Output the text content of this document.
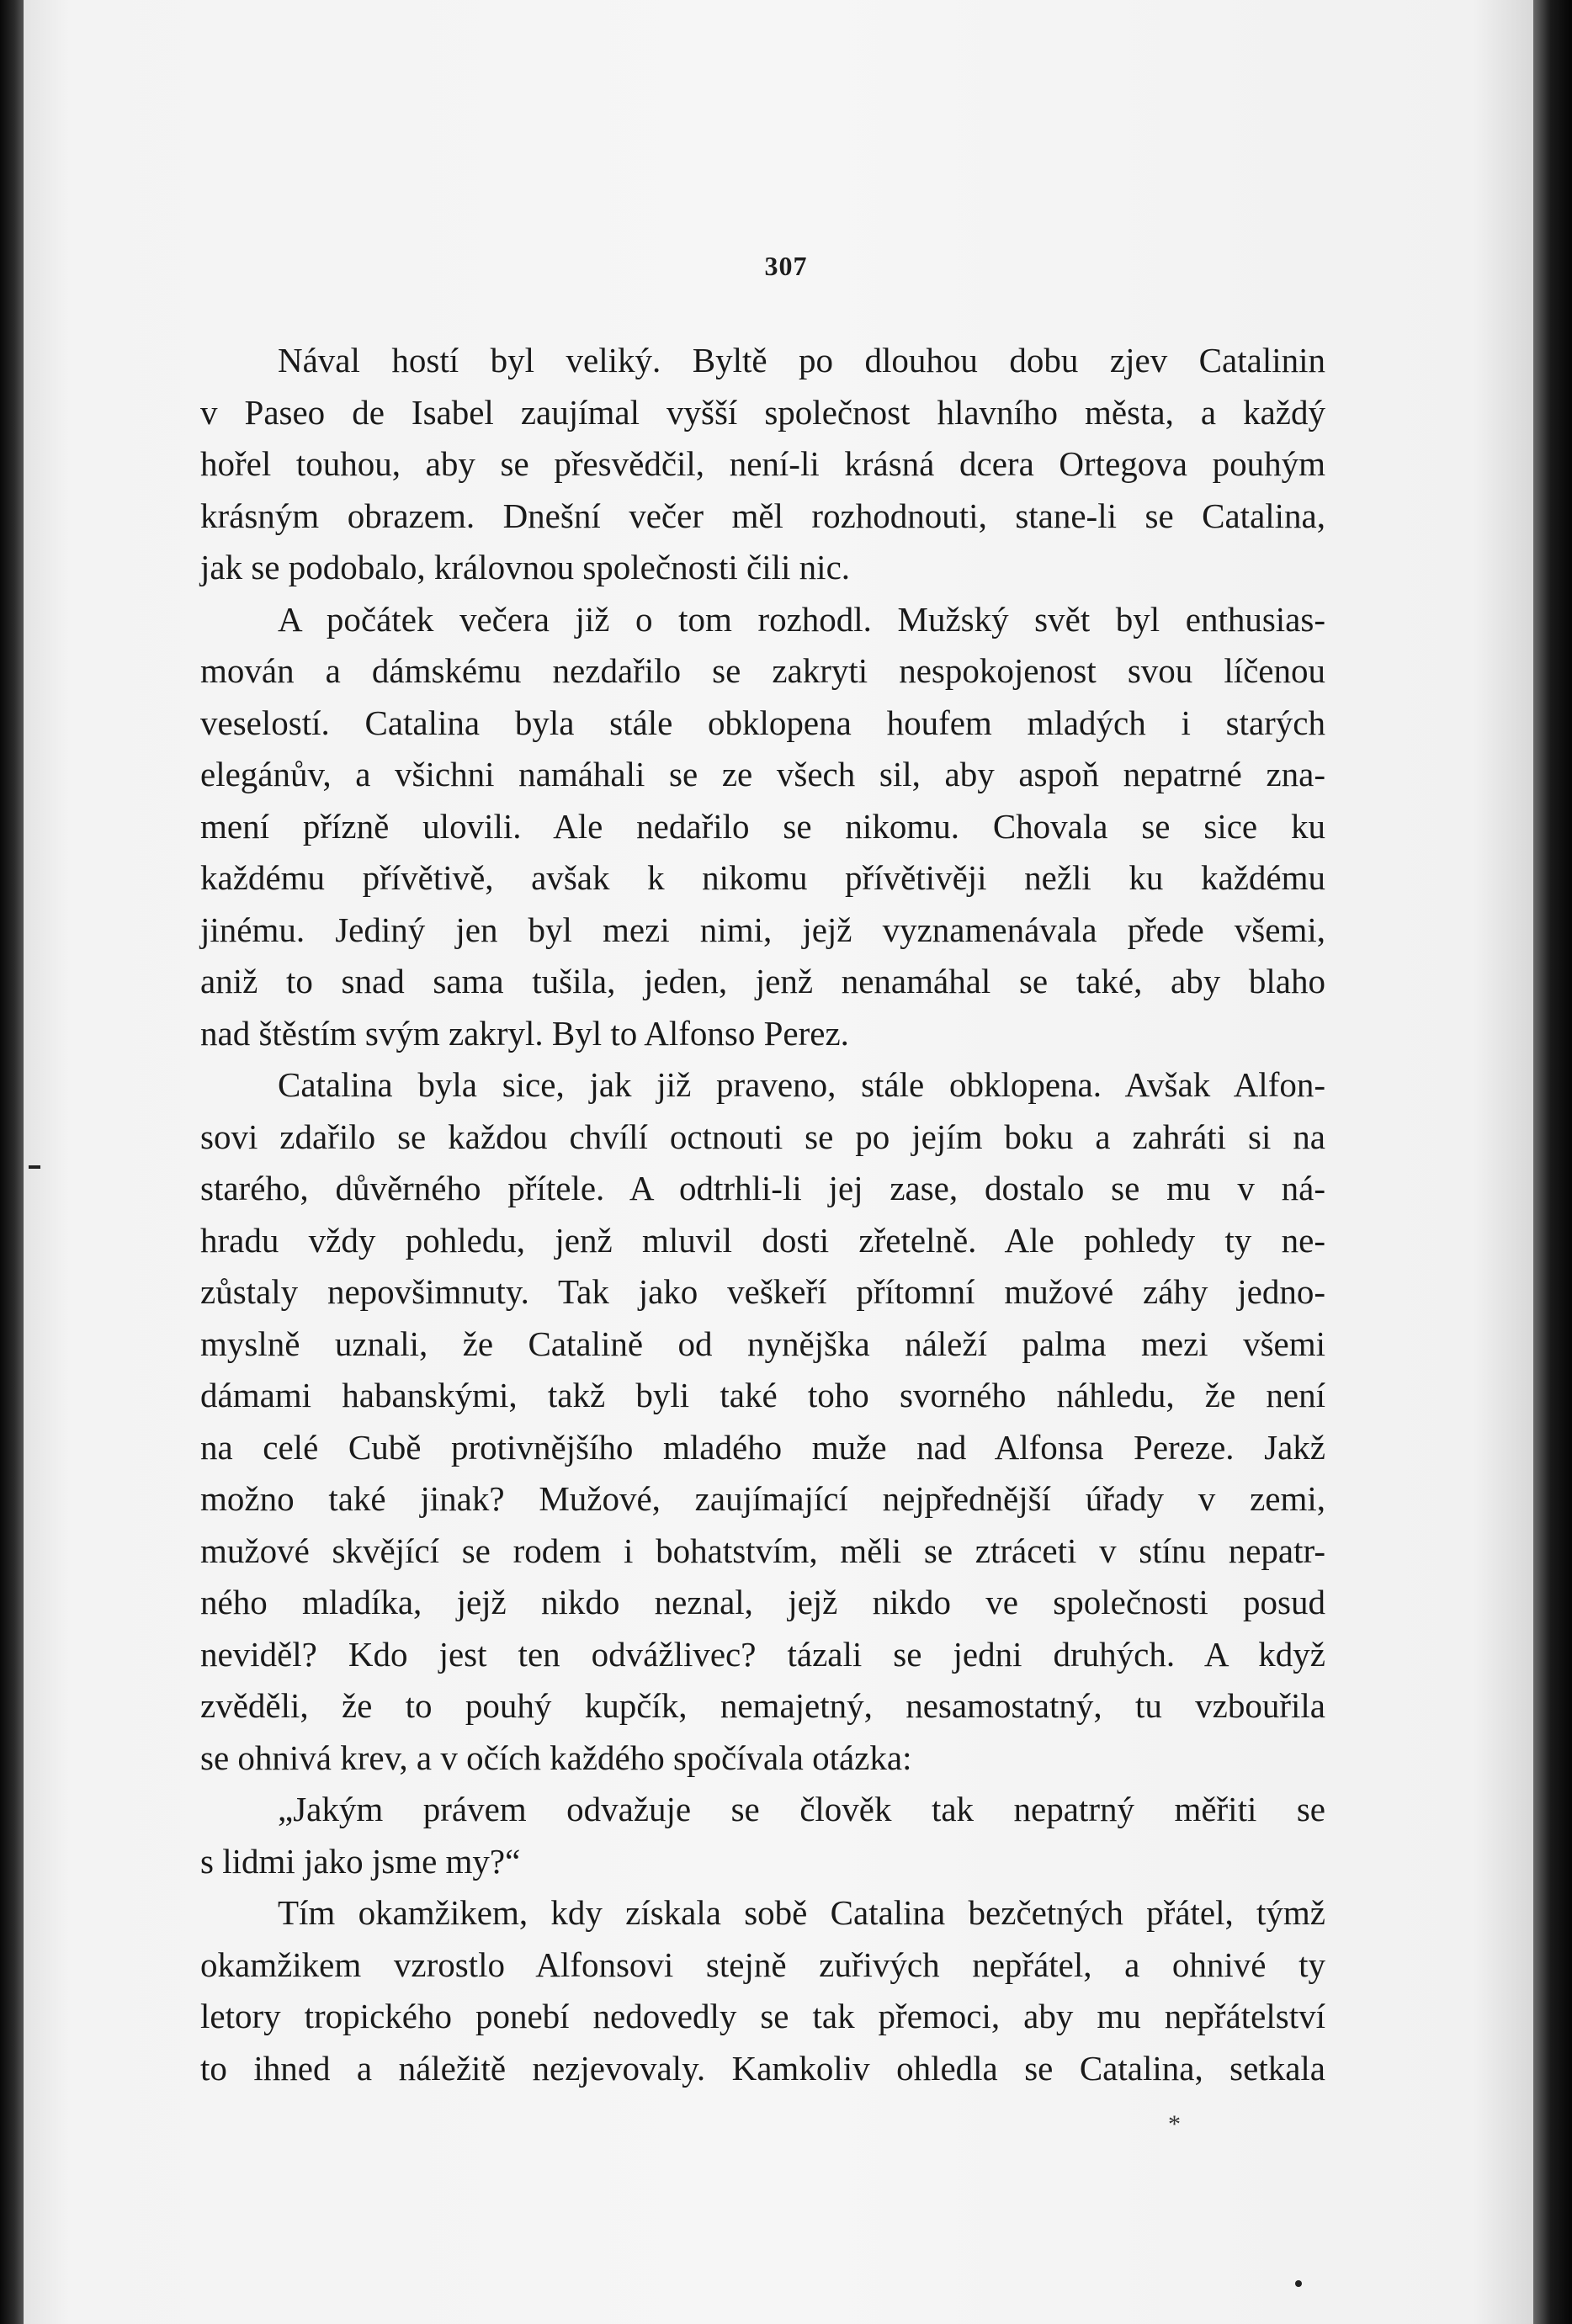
307
Nával hostí byl veliký. Byltě po dlouhou dobu zjev Catalinin
v Paseo de Isabel zaujímal vyšší společnost hlavního města, a každý
hořel touhou, aby se přesvědčil, není-li krásná dcera Ortegova pouhým
krásným obrazem. Dnešní večer měl rozhodnouti, stane-li se Catalina,
jak se podobalo, královnou společnosti čili nic.
A počátek večera již o tom rozhodl. Mužský svět byl enthusias-
mován a dámskému nezdařilo se zakryti nespokojenost svou líčenou
veselostí. Catalina byla stále obklopena houfem mladých i starých
elegánův, a všichni namáhali se ze všech sil, aby aspoň nepatrné zna-
mení přízně ulovili. Ale nedařilo se nikomu. Chovala se sice ku
každému přívětivě, avšak k nikomu přívětivěji nežli ku každému
jinému. Jediný jen byl mezi nimi, jejž vyznamenávala přede všemi,
aniž to snad sama tušila, jeden, jenž nenamáhal se také, aby blaho
nad štěstím svým zakryl. Byl to Alfonso Perez.
Catalina byla sice, jak již praveno, stále obklopena. Avšak Alfon-
sovi zdařilo se každou chvílí octnouti se po jejím boku a zahráti si na
starého, důvěrného přítele. A odtrhli-li jej zase, dostalo se mu v ná-
hradu vždy pohledu, jenž mluvil dosti zřetelně. Ale pohledy ty ne-
zůstaly nepovšimnuty. Tak jako veškeří přítomní mužové záhy jedno-
myslně uznali, že Catalině od nynějška náleží palma mezi všemi
dámami habanskými, takž byli také toho svorného náhledu, že není
na celé Cubě protivnějšího mladého muže nad Alfonsa Pereze. Jakž
možno také jinak? Mužové, zaujímající nejpřednější úřady v zemi,
mužové skvějící se rodem i bohatstvím, měli se ztráceti v stínu nepatr-
ného mladíka, jejž nikdo neznal, jejž nikdo ve společnosti posud
neviděl? Kdo jest ten odvážlivec? tázali se jedni druhých. A když
zvěděli, že to pouhý kupčík, nemajetný, nesamostatný, tu vzbouřila
se ohnivá krev, a v očích každého spočívala otázka:
„Jakým právem odvažuje se člověk tak nepatrný měřiti se
s lidmi jako jsme my?“
Tím okamžikem, kdy získala sobě Catalina bezčetných přátel, týmž
okamžikem vzrostlo Alfonsovi stejně zuřivých nepřátel, a ohnivé ty
letory tropického ponebí nedovedly se tak přemoci, aby mu nepřátelství
to ihned a náležitě nezjevovaly. Kamkoliv ohledla se Catalina, setkala
*
